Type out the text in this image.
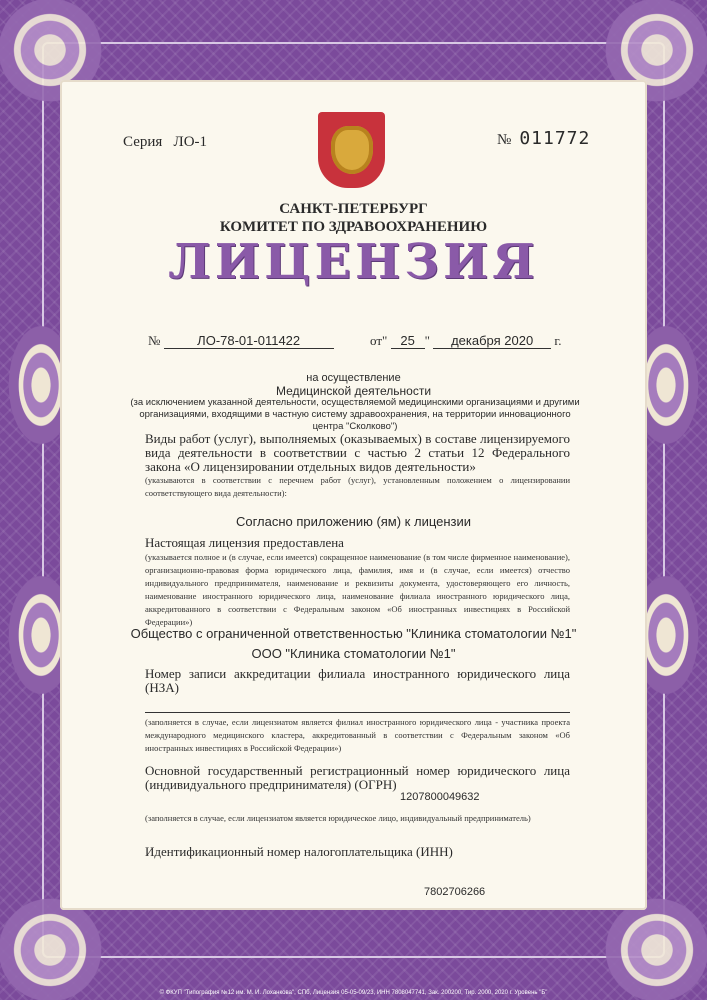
Серия ЛО-1	№ 011772
САНКТ-ПЕТЕРБУРГ
КОМИТЕТ ПО ЗДРАВООХРАНЕНИЮ
ЛИЦЕНЗИЯ
№	ЛО-78-01-011422	от" 25 " декабря 2020 г.
на осуществление
Медицинской деятельности
(за исключением указанной деятельности, осуществляемой медицинскими организациями и другими организациями, входящими в частную систему здравоохранения, на территории инновационного центра "Сколково")
Виды работ (услуг), выполняемых (оказываемых) в составе лицензируемого вида деятельности в соответствии с частью 2 статьи 12 Федерального закона «О лицензировании отдельных видов деятельности»
(указываются в соответствии с перечнем работ (услуг), установленным положением о лицензировании соответствующего вида деятельности):
Согласно приложению (ям) к лицензии
Настоящая лицензия предоставлена
(указывается полное и (в случае, если имеется) сокращенное наименование (в том числе фирменное наименование), организационно-правовая форма юридического лица, фамилия, имя и (в случае, если имеется) отчество индивидуального предпринимателя, наименование и реквизиты документа, удостоверяющего его личность, наименование иностранного юридического лица, наименование филиала иностранного юридического лица, аккредитованного в соответствии с Федеральным законом «Об иностранных инвестициях в Российской Федерации»)
Общество с ограниченной ответственностью "Клиника стоматологии №1"
ООО "Клиника стоматологии №1"
Номер записи аккредитации филиала иностранного юридического лица (НЗА)
(заполняется в случае, если лицензиатом является филиал иностранного юридического лица - участника проекта международного медицинского кластера, аккредитованный в соответствии с Федеральным законом «Об иностранных инвестициях в Российской Федерации»)
Основной государственный регистрационный номер юридического лица (индивидуального предпринимателя) (ОГРН)
1207800049632
(заполняется в случае, если лицензиатом является юридическое лицо, индивидуальный предприниматель)
Идентификационный номер налогоплательщика (ИНН)
7802706266
© ФКУП "Типография №12 им. М. И. Лоханкова", СПб, Лицензия 05-05-09/23, ИНН 7808047741, Зак. 200200, Тир. 2000, 2020 г. Уровень "Б"
